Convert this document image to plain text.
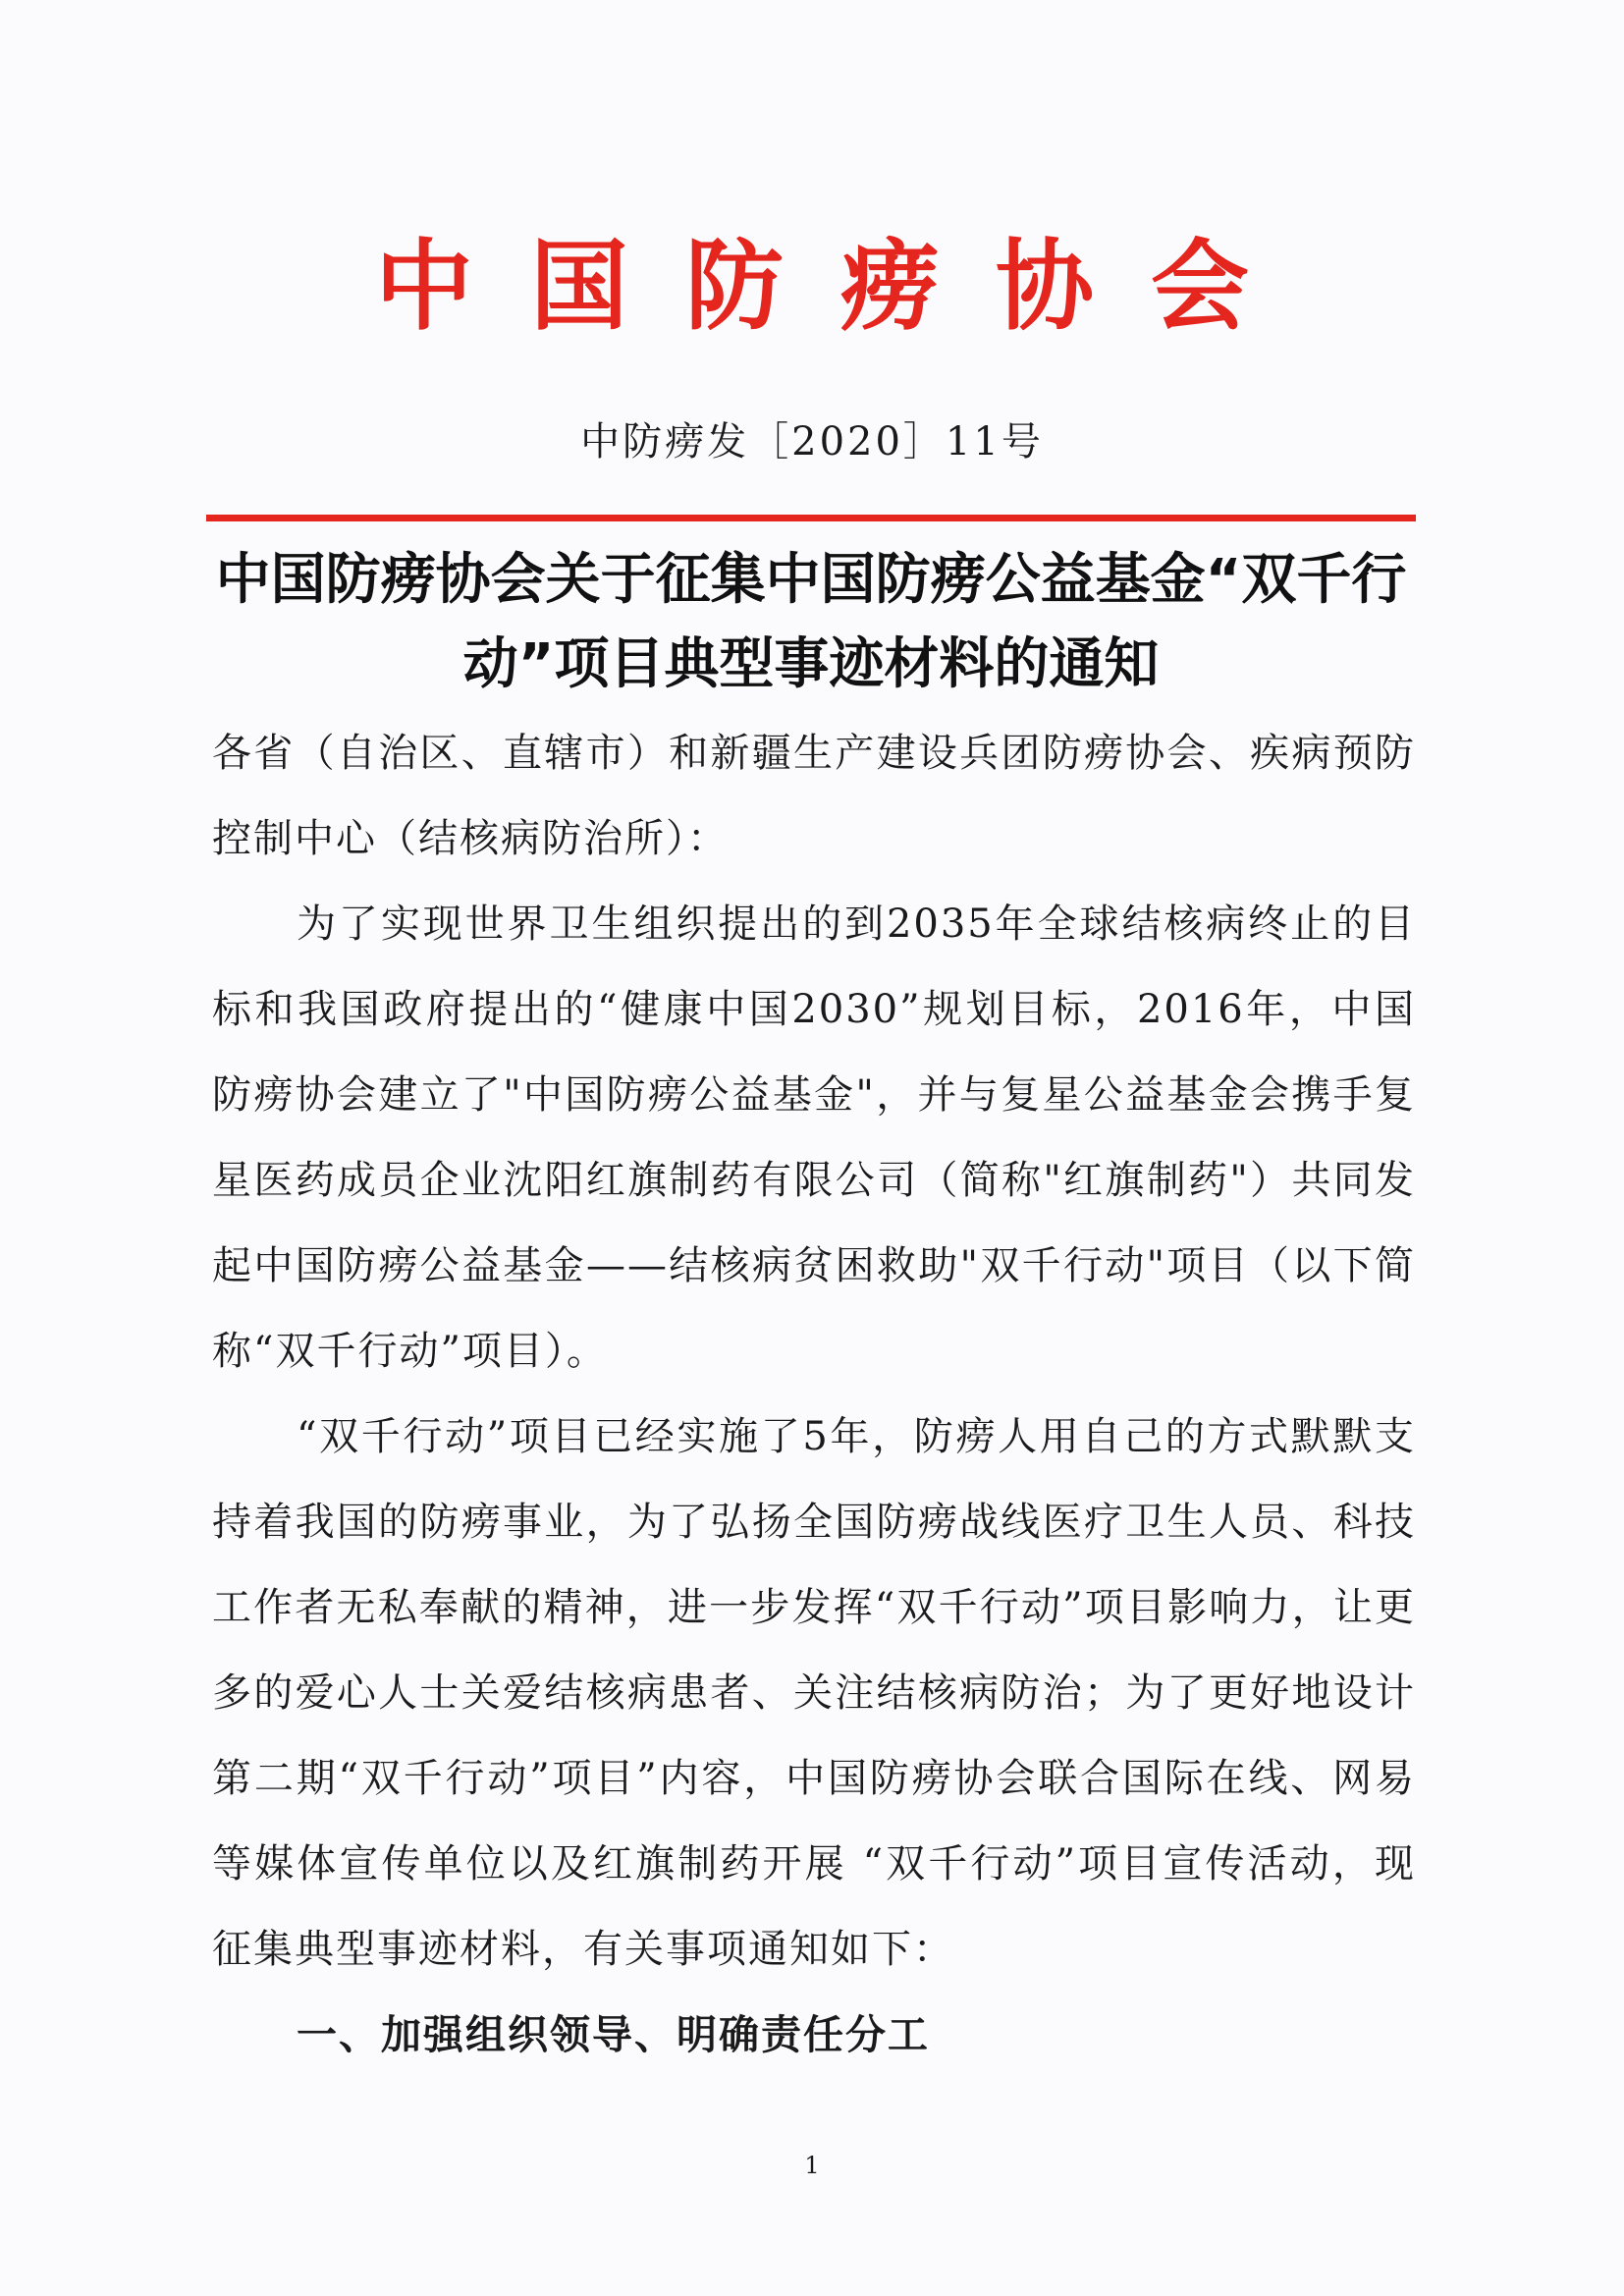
中国防痨协会
中防痨发［2020］11号
中国防痨协会关于征集中国防痨公益基金“双千行动”项目典型事迹材料的通知

各省（自治区、直辖市）和新疆生产建设兵团防痨协会、疾病预防控制中心（结核病防治所）：

为了实现世界卫生组织提出的到2035年全球结核病终止的目标和我国政府提出的“健康中国2030”规划目标，2016年，中国防痨协会建立了"中国防痨公益基金"，并与复星公益基金会携手复星医药成员企业沈阳红旗制药有限公司（简称"红旗制药"）共同发起中国防痨公益基金——结核病贫困救助"双千行动"项目（以下简称“双千行动”项目）。

“双千行动”项目已经实施了5年，防痨人用自己的方式默默支持着我国的防痨事业，为了弘扬全国防痨战线医疗卫生人员、科技工作者无私奉献的精神，进一步发挥“双千行动”项目影响力，让更多的爱心人士关爱结核病患者、关注结核病防治；为了更好地设计第二期“双千行动”项目”内容，中国防痨协会联合国际在线、网易等媒体宣传单位以及红旗制药开展 “双千行动”项目宣传活动，现征集典型事迹材料，有关事项通知如下：

一、加强组织领导、明确责任分工

1
